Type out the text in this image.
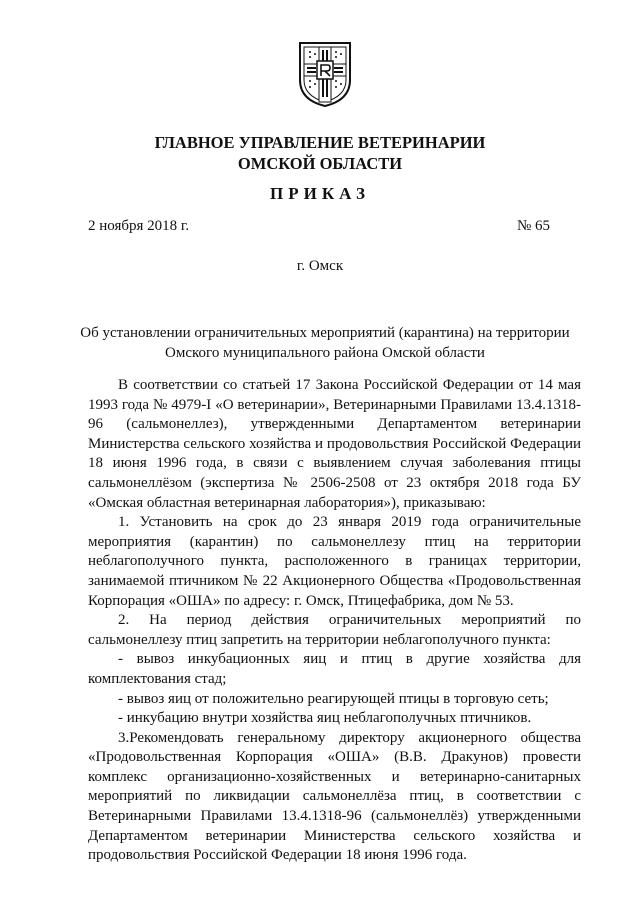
ГЛАВНОЕ УПРАВЛЕНИЕ ВЕТЕРИНАРИИ
ОМСКОЙ ОБЛАСТИ
ПРИКАЗ
2 ноября 2018 г.	№ 65
г. Омск
Об установлении ограничительных мероприятий (карантина) на территории
Омского муниципального района Омской области

В соответствии со статьей 17 Закона Российской Федерации от 14 мая 1993 года № 4979-I «О ветеринарии», Ветеринарными Правилами 13.4.1318-96 (сальмонеллез), утвержденными Департаментом ветеринарии Министерства сельского хозяйства и продовольствия Российской Федерации 18 июня 1996 года, в связи с выявлением случая заболевания птицы сальмонеллёзом (экспертиза № 2506-2508 от 23 октября 2018 года БУ «Омская областная ветеринарная лаборатория»), приказываю:

1. Установить на срок до 23 января 2019 года ограничительные мероприятия (карантин) по сальмонеллезу птиц на территории неблагополучного пункта, расположенного в границах территории, занимаемой птичником № 22 Акционерного Общества «Продовольственная Корпорация «ОША» по адресу: г. Омск, Птицефабрика, дом № 53.

2. На период действия ограничительных мероприятий по сальмонеллезу птиц запретить на территории неблагополучного пункта:

- вывоз инкубационных яиц и птиц в другие хозяйства для комплектования стад;

- вывоз яиц от положительно реагирующей птицы в торговую сеть;

- инкубацию внутри хозяйства яиц неблагополучных птичников.

3.Рекомендовать генеральному директору акционерного общества «Продовольственная Корпорация «ОША» (В.В. Дракунов) провести комплекс организационно-хозяйственных и ветеринарно-санитарных мероприятий по ликвидации сальмонеллёза птиц, в соответствии с Ветеринарными Правилами 13.4.1318-96 (сальмонеллёз) утвержденными Департаментом ветеринарии Министерства сельского хозяйства и продовольствия Российской Федерации 18 июня 1996 года.
